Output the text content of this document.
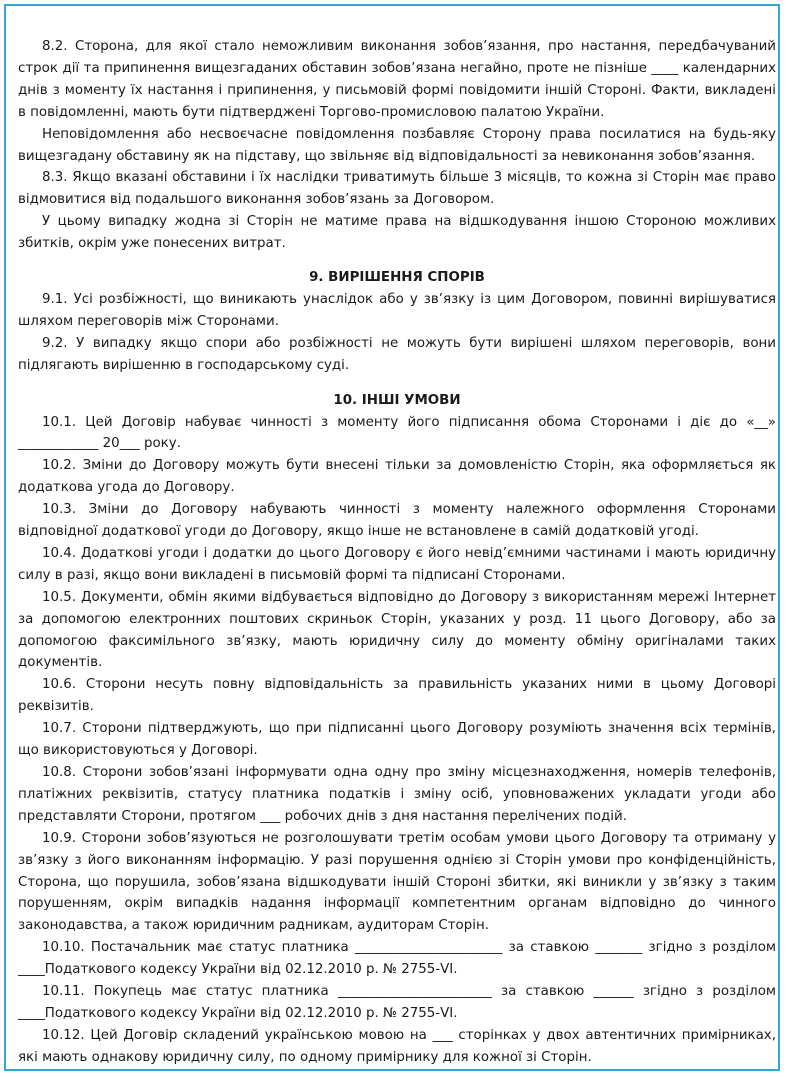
8.2. Сторона, для якої стало неможливим виконання зобов’язання, про настання, передбачуваний строк дії та припинення вищезгаданих обставин зобов’язана негайно, проте не пізніше ____ календарних днів з моменту їх настання і припинення, у письмовій формі повідомити іншій Стороні. Факти, викладені в повідомленні, мають бути підтверджені Торгово-промисловою палатою України.

Неповідомлення або несвоєчасне повідомлення позбавляє Сторону права посилатися на будь-яку вищезгадану обставину як на підставу, що звільняє від відповідальності за невиконання зобов’язання.

8.3. Якщо вказані обставини і їх наслідки триватимуть більше 3 місяців, то кожна зі Сторін має право відмовитися від подальшого виконання зобов’язань за Договором.

У цьому випадку жодна зі Сторін не матиме права на відшкодування іншою Стороною можливих збитків, окрім уже понесених витрат.

9. ВИРІШЕННЯ СПОРІВ

9.1. Усі розбіжності, що виникають унаслідок або у зв’язку із цим Договором, повинні вирішуватися шляхом переговорів між Сторонами.

9.2. У випадку якщо спори або розбіжності не можуть бути вирішені шляхом переговорів, вони підлягають вирішенню в господарському суді.

10. ІНШІ УМОВИ

10.1. Цей Договір набуває чинності з моменту його підписання обома Сторонами і діє до «__» ____________ 20___ року.

10.2. Зміни до Договору можуть бути внесені тільки за домовленістю Сторін, яка оформляється як додаткова угода до Договору.

10.3. Зміни до Договору набувають чинності з моменту належного оформлення Сторонами відповідної додаткової угоди до Договору, якщо інше не встановлене в самій додатковій угоді.

10.4. Додаткові угоди і додатки до цього Договору є його невід’ємними частинами і мають юридичну силу в разі, якщо вони викладені в письмовій формі та підписані Сторонами.

10.5. Документи, обмін якими відбувається відповідно до Договору з використанням мережі Інтернет за допомогою електронних поштових скриньок Сторін, указаних у розд. 11 цього Договору, або за допомогою факсимільного зв’язку, мають юридичну силу до моменту обміну оригіналами таких документів.

10.6. Сторони несуть повну відповідальність за правильність указаних ними в цьому Договорі реквізитів.

10.7. Сторони підтверджують, що при підписанні цього Договору розуміють значення всіх термінів, що використовуються у Договорі.

10.8. Сторони зобов’язані інформувати одна одну про зміну місцезнаходження, номерів телефонів, платіжних реквізитів, статусу платника податків і зміну осіб, уповноважених укладати угоди або представляти Сторони, протягом ___ робочих днів з дня настання перелічених подій.

10.9. Сторони зобов’язуються не розголошувати третім особам умови цього Договору та отриману у зв’язку з його виконанням інформацію. У разі порушення однією зі Сторін умови про конфіденційність, Сторона, що порушила, зобов’язана відшкодувати іншій Стороні збитки, які виникли у зв’язку з таким порушенням, окрім випадків надання інформації компетентним органам відповідно до чинного законодавства, а також юридичним радникам, аудиторам Сторін.

10.10. Постачальник має статус платника ______________________ за ставкою _______ згідно з розділом ____Податкового кодексу України від 02.12.2010 р. № 2755-VI.

10.11. Покупець має статус платника _______________________ за ставкою ______ згідно з розділом ____Податкового кодексу України від 02.12.2010 р. № 2755-VI.

10.12. Цей Договір складений українською мовою на ___ сторінках у двох автентичних примірниках, які мають однакову юридичну силу, по одному примірнику для кожної зі Сторін.
